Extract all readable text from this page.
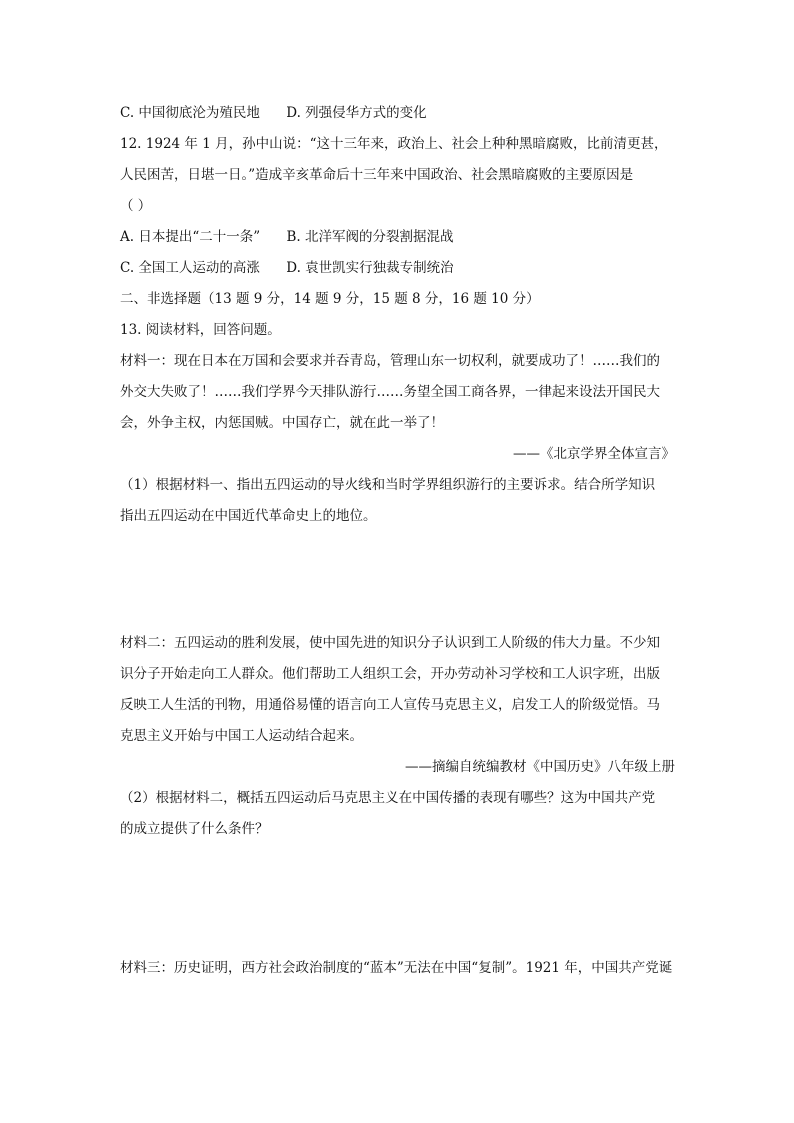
C. 中国彻底沦为殖民地 D. 列强侵华方式的变化

12. 1924 年 1 月，孙中山说：“这十三年来，政治上、社会上种种黑暗腐败，比前清更甚，

人民困苦，日堪一日。”造成辛亥革命后十三年来中国政治、社会黑暗腐败的主要原因是

（ ）

A. 日本提出“二十一条” B. 北洋军阀的分裂割据混战

C. 全国工人运动的高涨 D. 袁世凯实行独裁专制统治

二、非选择题（13 题 9 分，14 题 9 分，15 题 8 分，16 题 10 分）

13. 阅读材料，回答问题。

材料一：现在日本在万国和会要求并吞青岛，管理山东一切权利，就要成功了！……我们的

外交大失败了！……我们学界今天排队游行……务望全国工商各界，一律起来设法开国民大

会，外争主权，内惩国贼。中国存亡，就在此一举了！

——《北京学界全体宣言》

（1）根据材料一、指出五四运动的导火线和当时学界组织游行的主要诉求。结合所学知识

指出五四运动在中国近代革命史上的地位。

材料二：五四运动的胜利发展，使中国先进的知识分子认识到工人阶级的伟大力量。不少知

识分子开始走向工人群众。他们帮助工人组织工会，开办劳动补习学校和工人识字班，出版

反映工人生活的刊物，用通俗易懂的语言向工人宣传马克思主义，启发工人的阶级觉悟。马

克思主义开始与中国工人运动结合起来。

——摘编自统编教材《中国历史》八年级上册

（2）根据材料二，概括五四运动后马克思主义在中国传播的表现有哪些？这为中国共产党

的成立提供了什么条件？

材料三：历史证明，西方社会政治制度的“蓝本”无法在中国“复制”。1921 年，中国共产党诞
